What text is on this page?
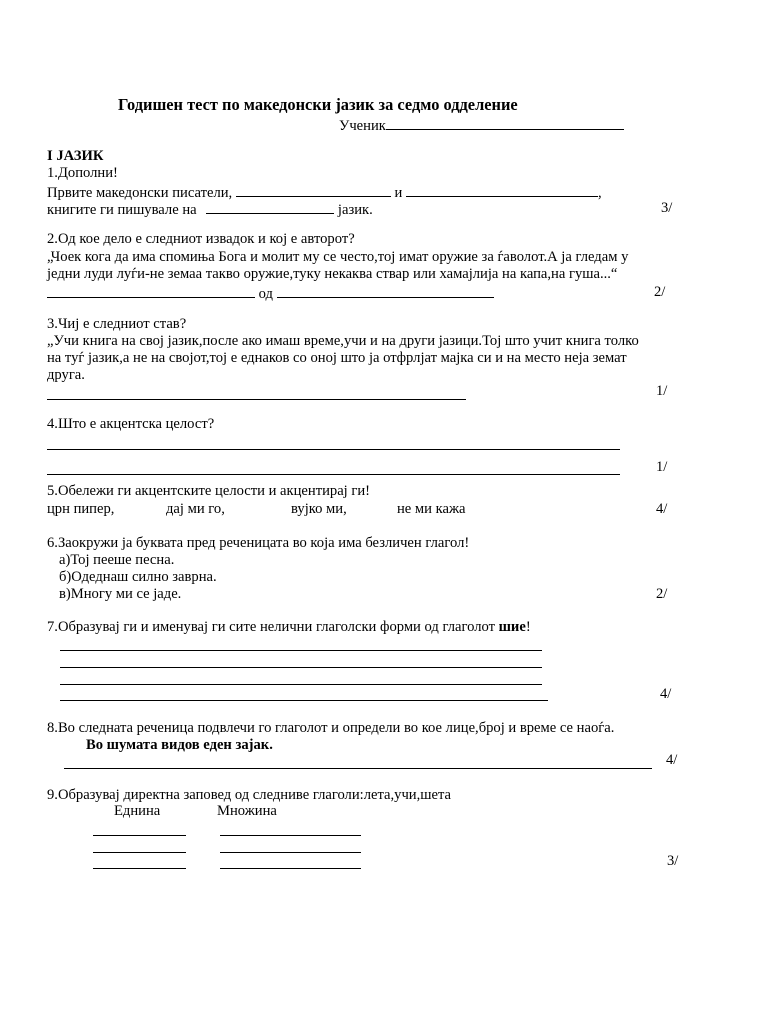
Годишен тест по македонски јазик за седмо одделение
Ученик
I ЈАЗИК
1.Дополни!
Првите македонски писатели,	и	,
книгите ги пишувале на	јазик.	3/
2.Од кое дело е следниот извадок и кој е авторот?
„Чоек кога да има спомиња Бога и молит му се често,тој имат оружие за ѓаволот.А ја гледам у
једни луди луѓи-не земаа такво оружие,туку некаква ствар или хамајлија на капа,на гуша...“
од	2/
3.Чиј е следниот став?
„Учи книга на свој јазик,после ако имаш време,учи и на други јазици.Тој што учит книга толко
на туѓ јазик,а не на својот,тој е еднаков со оној што ја отфрлјат мајка си и на место неја земат
друга.
1/
4.Што е акцентска целост?
1/
5.Обележи ги акцентските целости и акцентирај ги!
црн пипер,	дај ми го,	вујко ми,	не ми кажа	4/
6.Заокружи ја буквата пред реченицата во која има безличен глагол!
а)Тој пееше песна.
б)Одеднаш силно заврна.
в)Многу ми се јаде.	2/
7.Образувај ги и именувај ги сите нелични глаголски форми од глаголот шие!
4/
8.Во следната реченица подвлечи го глаголот и определи во кое лице,број и време се наоѓа.
Во шумата видов еден зајак.
4/
9.Образувај директна заповед од следниве глаголи:лета,учи,шета
Еднина	Множина
3/
